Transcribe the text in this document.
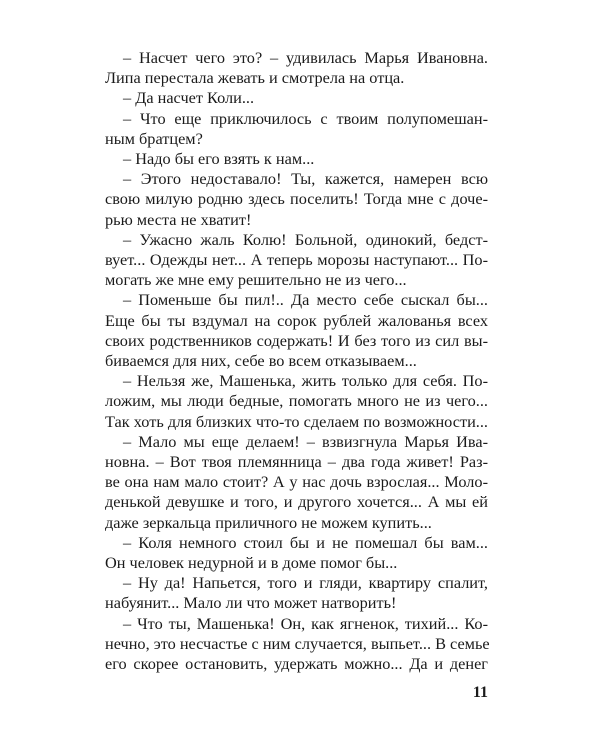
– Насчет чего это? – удивилась Марья Ивановна.
Липа перестала жевать и смотрела на отца.
– Да насчет Коли...
– Что еще приключилось с твоим полупомешан-
ным братцем?
– Надо бы его взять к нам...
– Этого недоставало! Ты, кажется, намерен всю
свою милую родню здесь поселить! Тогда мне с доче-
рью места не хватит!
– Ужасно жаль Колю! Больной, одинокий, бедст-
вует... Одежды нет... А теперь морозы наступают... По-
могать же мне ему решительно не из чего...
– Поменьше бы пил!.. Да место себе сыскал бы...
Еще бы ты вздумал на сорок рублей жалованья всех
своих родственников содержать! И без того из сил вы-
биваемся для них, себе во всем отказываем...
– Нельзя же, Машенька, жить только для себя. По-
ложим, мы люди бедные, помогать много не из чего...
Так хоть для близких что-то сделаем по возможности...
– Мало мы еще делаем! – взвизгнула Марья Ива-
новна. – Вот твоя племянница – два года живет! Раз-
ве она нам мало стоит? А у нас дочь взрослая... Моло-
денькой девушке и того, и другого хочется... А мы ей
даже зеркальца приличного не можем купить...
– Коля немного стоил бы и не помешал бы вам...
Он человек недурной и в доме помог бы...
– Ну да! Напьется, того и гляди, квартиру спалит,
набуянит... Мало ли что может натворить!
– Что ты, Машенька! Он, как ягненок, тихий... Ко-
нечно, это несчастье с ним случается, выпьет... В семье
его скорее остановить, удержать можно... Да и денег
11
